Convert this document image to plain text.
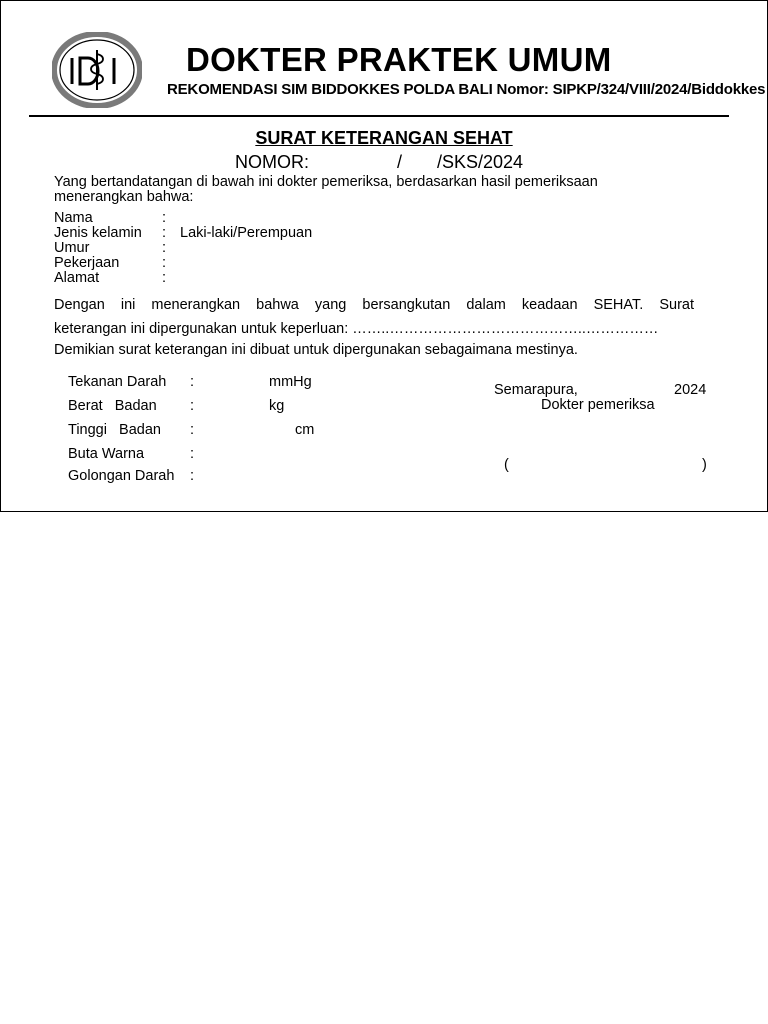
IDI	DOKTER PRAKTEK UMUM
REKOMENDASI SIM BIDDOKKES POLDA BALI Nomor: SIPKP/324/VIII/2024/Biddokkes
SURAT KETERANGAN SEHAT
NOMOR:	/ /SKS/2024
Yang bertandatangan di bawah ini dokter pemeriksa, berdasarkan hasil pemeriksaan
menerangkan bahwa:
Nama	:
Jenis kelamin : Laki-laki/Perempuan
Umur	:
Pekerjaan	:
Alamat	:
Dengan ini menerangkan bahwa yang bersangkutan dalam keadaan SEHAT. Surat
keterangan ini dipergunakan untuk keperluan: ……..…………………………………..……………
Demikian surat keterangan ini dibuat untuk dipergunakan sebagaimana mestinya.
Tekanan Darah :	mmHg
Berat   Badan :	kg
Tinggi   Badan :	cm
Buta Warna	:
Golongan Darah :
Semarapura,	2024
Dokter pemeriksa
(	)
